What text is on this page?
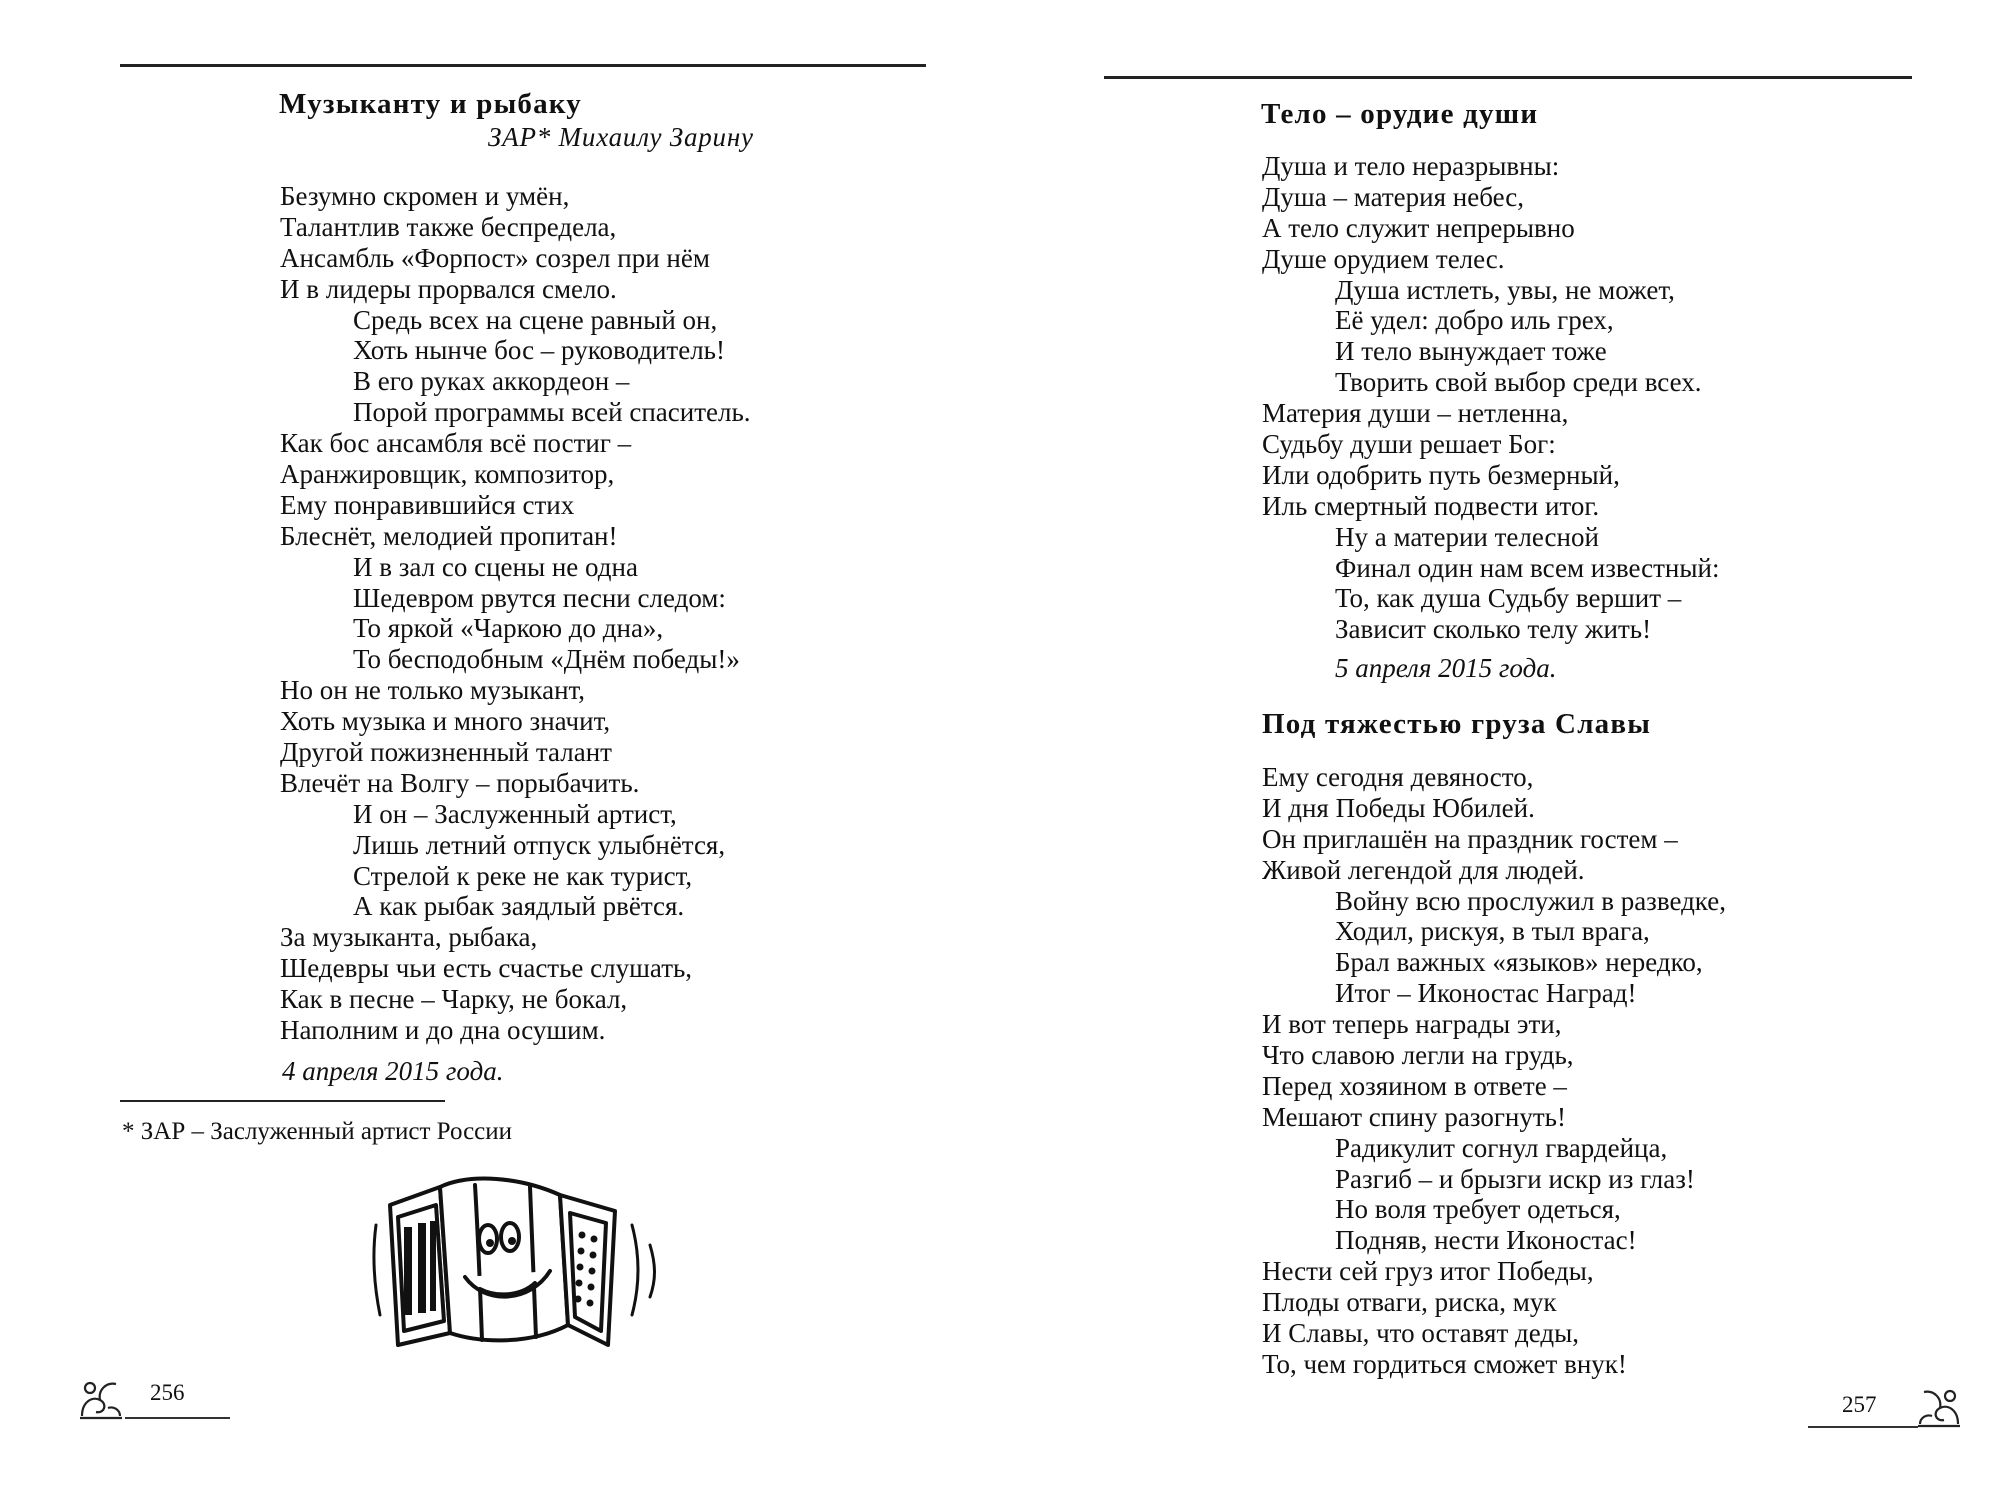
Музыканту и рыбаку
ЗАР* Михаилу Зарину
Безумно скромен и умён,
Талантлив также беспредела,
Ансамбль «Форпост» созрел при нём
И в лидеры прорвался смело.
Средь всех на сцене равный он,
Хоть нынче бос – руководитель!
В его руках аккордеон –
Порой программы всей спаситель.
Как бос ансамбля всё постиг –
Аранжировщик, композитор,
Ему понравившийся стих
Блеснёт, мелодией пропитан!
И в зал со сцены не одна
Шедевром рвутся песни следом:
То яркой «Чаркою до дна»,
То бесподобным «Днём победы!»
Но он не только музыкант,
Хоть музыка и много значит,
Другой пожизненный талант
Влечёт на Волгу – порыбачить.
И он – Заслуженный артист,
Лишь летний отпуск улыбнётся,
Стрелой к реке не как турист,
А как рыбак заядлый рвётся.
За музыканта, рыбака,
Шедевры чьи есть счастье слушать,
Как в песне – Чарку, не бокал,
Наполним и до дна осушим.
4 апреля 2015 года.
* ЗАР – Заслуженный артист России
256
Тело – орудие души
Душа и тело неразрывны:
Душа – материя небес,
А тело служит непрерывно
Душе орудием телес.
Душа истлеть, увы, не может,
Её удел: добро иль грех,
И тело вынуждает тоже
Творить свой выбор среди всех.
Материя души – нетленна,
Судьбу души решает Бог:
Или одобрить путь безмерный,
Иль смертный подвести итог.
Ну а материи телесной
Финал один нам всем известный:
То, как душа Судьбу вершит –
Зависит сколько телу жить!
5 апреля 2015 года.
Под тяжестью груза Славы
Ему сегодня девяносто,
И дня Победы Юбилей.
Он приглашён на праздник гостем –
Живой легендой для людей.
Войну всю прослужил в разведке,
Ходил, рискуя, в тыл врага,
Брал важных «языков» нередко,
Итог – Иконостас Наград!
И вот теперь награды эти,
Что славою легли на грудь,
Перед хозяином в ответе –
Мешают спину разогнуть!
Радикулит согнул гвардейца,
Разгиб – и брызги искр из глаз!
Но воля требует одеться,
Подняв, нести Иконостас!
Нести сей груз итог Победы,
Плоды отваги, риска, мук
И Славы, что оставят деды,
То, чем гордиться сможет внук!
257
